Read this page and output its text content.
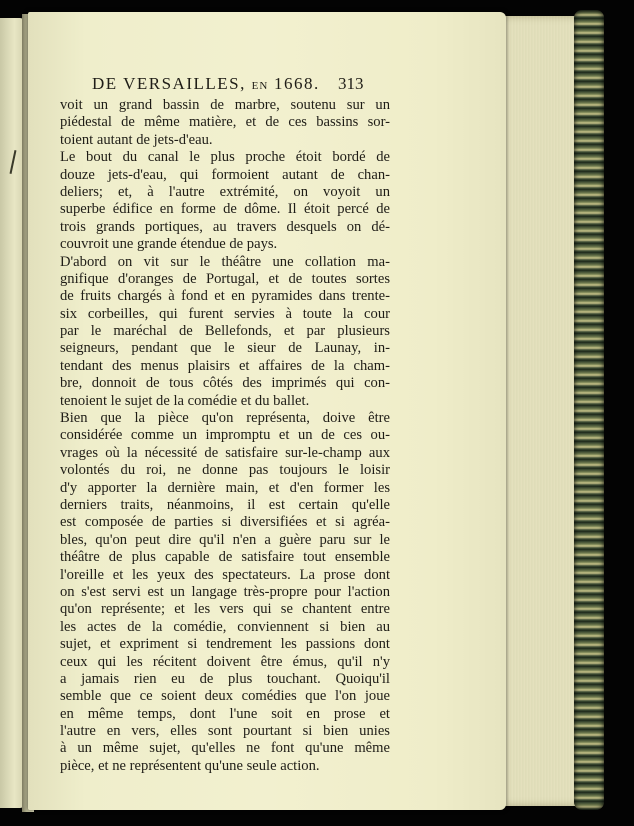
DE VERSAILLES, EN 1668.	313
voit un grand bassin de marbre, soutenu sur un
piédestal de même matière, et de ces bassins sor-
toient autant de jets-d'eau.
Le bout du canal le plus proche étoit bordé de
douze jets-d'eau, qui formoient autant de chan-
deliers; et, à l'autre extrémité, on voyoit un
superbe édifice en forme de dôme. Il étoit percé de
trois grands portiques, au travers desquels on dé-
couvroit une grande étendue de pays.
D'abord on vit sur le théâtre une collation ma-
gnifique d'oranges de Portugal, et de toutes sortes
de fruits chargés à fond et en pyramides dans trente-
six corbeilles, qui furent servies à toute la cour
par le maréchal de Bellefonds, et par plusieurs
seigneurs, pendant que le sieur de Launay, in-
tendant des menus plaisirs et affaires de la cham-
bre, donnoit de tous côtés des imprimés qui con-
tenoient le sujet de la comédie et du ballet.
Bien que la pièce qu'on représenta, doive être
considérée comme un impromptu et un de ces ou-
vrages où la nécessité de satisfaire sur-le-champ aux
volontés du roi, ne donne pas toujours le loisir
d'y apporter la dernière main, et d'en former les
derniers traits, néanmoins, il est certain qu'elle
est composée de parties si diversifiées et si agréa-
bles, qu'on peut dire qu'il n'en a guère paru sur le
théâtre de plus capable de satisfaire tout ensemble
l'oreille et les yeux des spectateurs. La prose dont
on s'est servi est un langage très-propre pour l'action
qu'on représente; et les vers qui se chantent entre
les actes de la comédie, conviennent si bien au
sujet, et expriment si tendrement les passions dont
ceux qui les récitent doivent être émus, qu'il n'y
a jamais rien eu de plus touchant. Quoiqu'il
semble que ce soient deux comédies que l'on joue
en même temps, dont l'une soit en prose et
l'autre en vers, elles sont pourtant si bien unies
à un même sujet, qu'elles ne font qu'une même
pièce, et ne représentent qu'une seule action.
